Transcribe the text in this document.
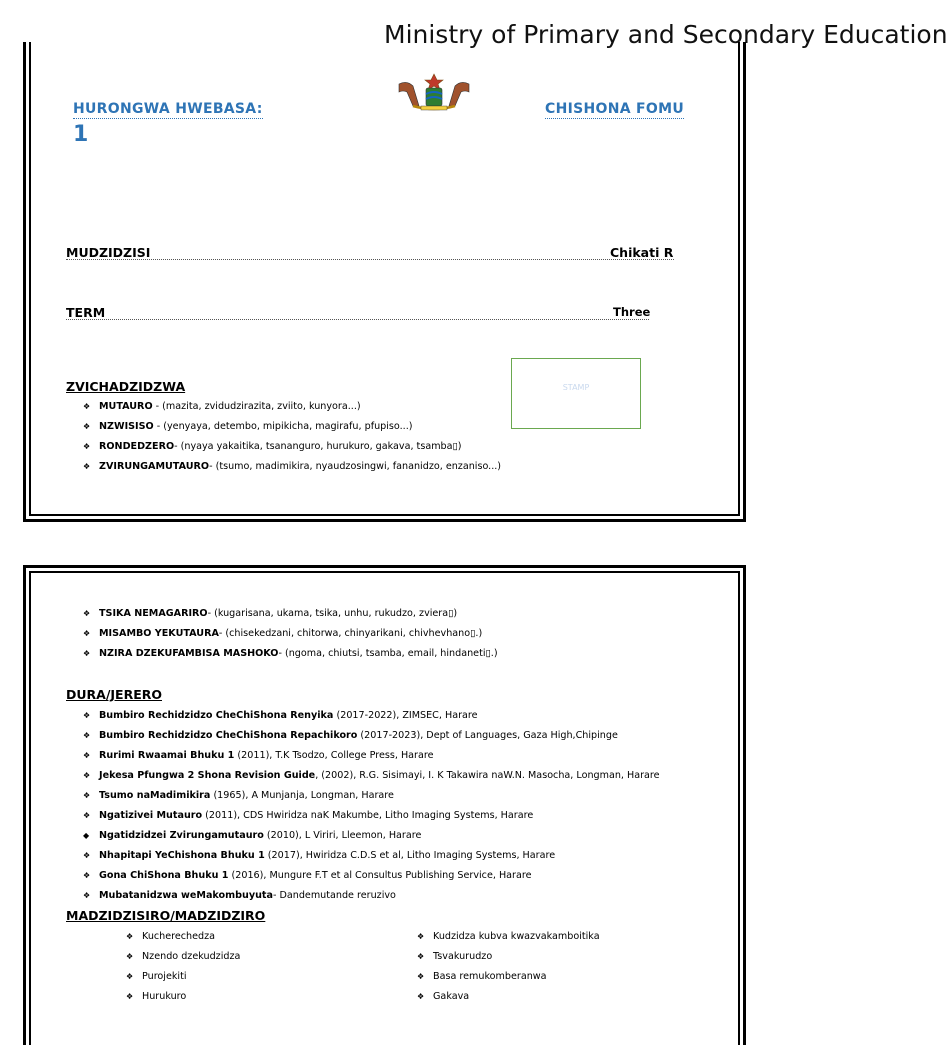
Ministry of Primary and Secondary Education
HURONGWA HWEBASA:
1
CHISHONA FOMU
MUDZIDZISI	Chikati R
TERM	Three
STAMP
ZVICHADZIDZWA
❖ MUTAURO - (mazita, zvidudzirazita, zviito, kunyora...)
❖ NZWISISO - (yenyaya, detembo, mipikicha, magirafu, pfupiso...)
❖ RONDEDZERO- (nyaya yakaitika, tsananguro, hurukuro, gakava, tsamba▯)
❖ ZVIRUNGAMUTAURO- (tsumo, madimikira, nyaudzosingwi, fananidzo, enzaniso...)
❖ TSIKA NEMAGARIRO- (kugarisana, ukama, tsika, unhu, rukudzo, zviera▯)
❖ MISAMBO YEKUTAURA- (chisekedzani, chitorwa, chinyarikani, chivhevhano▯.)
❖ NZIRA DZEKUFAMBISA MASHOKO- (ngoma, chiutsi, tsamba, email, hindaneti▯.)
DURA/JERERO
❖ Bumbiro Rechidzidzo CheChiShona Renyika (2017-2022), ZIMSEC, Harare
❖ Bumbiro Rechidzidzo CheChiShona Repachikoro (2017-2023), Dept of Languages, Gaza High,Chipinge
❖ Rurimi Rwaamai Bhuku 1 (2011), T.K Tsodzo, College Press, Harare
❖ Jekesa Pfungwa 2 Shona Revision Guide, (2002), R.G. Sisimayi, I. K Takawira naW.N. Masocha, Longman, Harare
❖ Tsumo naMadimikira (1965), A Munjanja, Longman, Harare
❖ Ngatizivei Mutauro (2011), CDS Hwiridza naK Makumbe, Litho Imaging Systems, Harare
◆ Ngatidzidzei Zvirungamutauro (2010), L Viriri, Lleemon, Harare
❖ Nhapitapi YeChishona Bhuku 1 (2017), Hwiridza C.D.S et al, Litho Imaging Systems, Harare
❖ Gona ChiShona Bhuku 1 (2016), Mungure F.T et al Consultus Publishing Service, Harare
❖ Mubatanidzwa weMakombuyuta- Dandemutande reruzivo
MADZIDZISIRO/MADZIDZIRO
❖ Kucherechedza
❖ Nzendo dzekudzidza
❖ Purojekiti
❖ Hurukuro
❖ Kudzidza kubva kwazvakamboitika
❖ Tsvakurudzo
❖ Basa remukomberanwa
❖ Gakava
